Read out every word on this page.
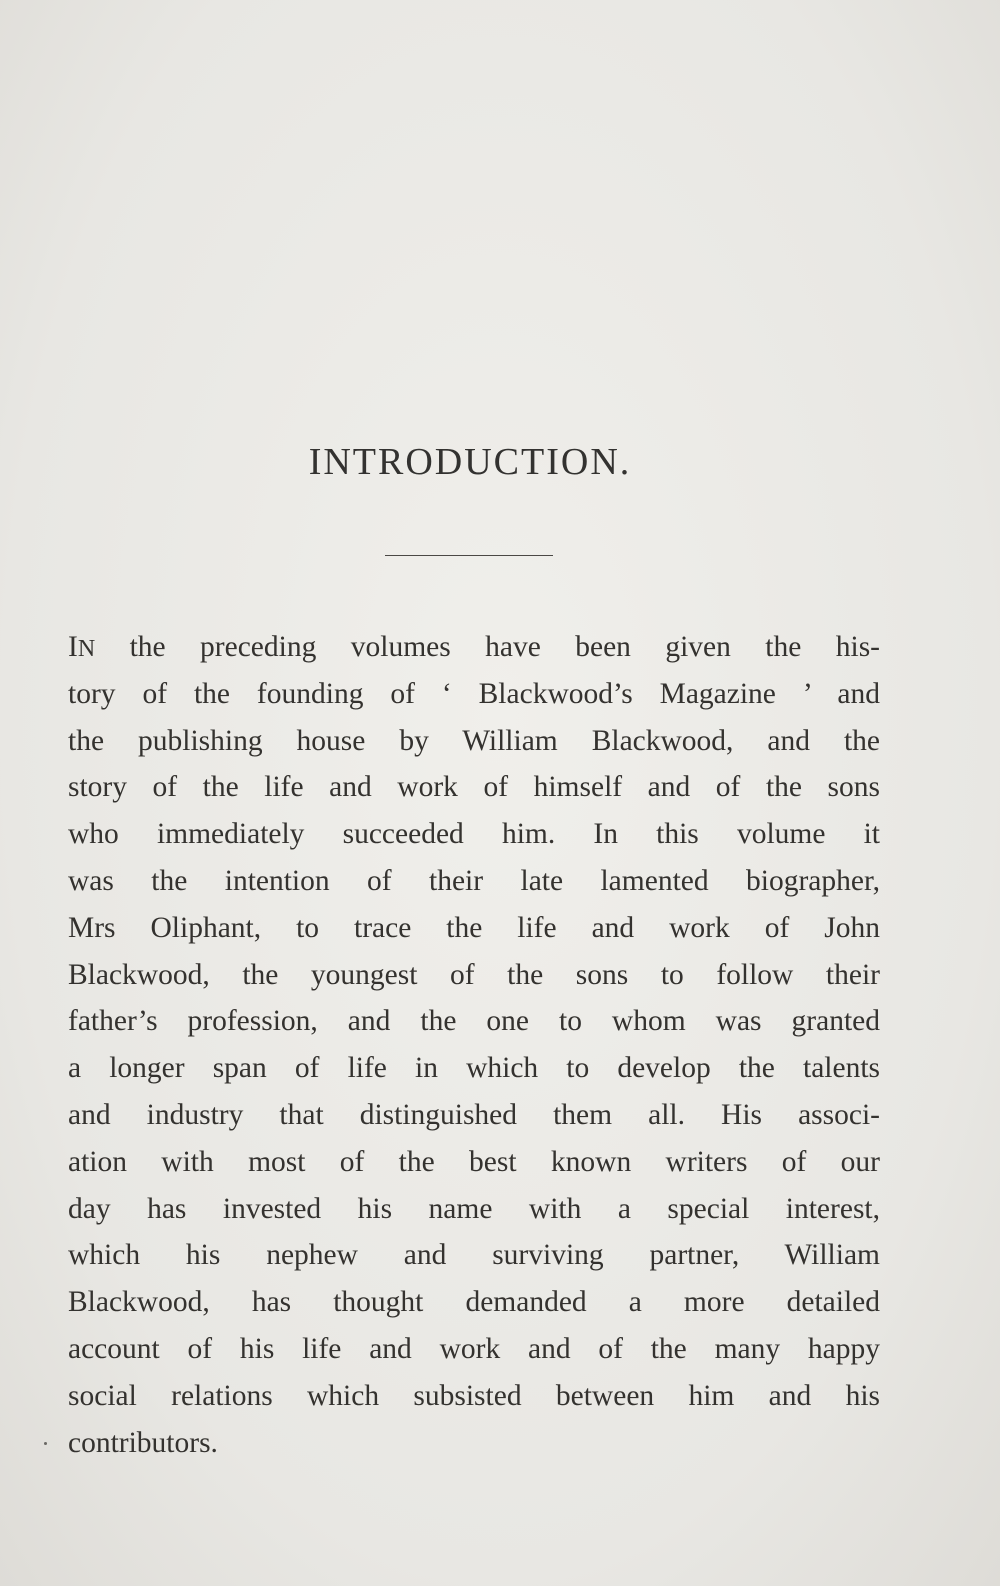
INTRODUCTION.
IN the preceding volumes have been given the his-
tory of the founding of ‘ Blackwood’s Magazine ’ and
the publishing house by William Blackwood, and the
story of the life and work of himself and of the sons
who immediately succeeded him. In this volume it
was the intention of their late lamented biographer,
Mrs Oliphant, to trace the life and work of John
Blackwood, the youngest of the sons to follow their
father’s profession, and the one to whom was granted
a longer span of life in which to develop the talents
and industry that distinguished them all. His associ-
ation with most of the best known writers of our
day has invested his name with a special interest,
which his nephew and surviving partner, William
Blackwood, has thought demanded a more detailed
account of his life and work and of the many happy
social relations which subsisted between him and his
contributors.
